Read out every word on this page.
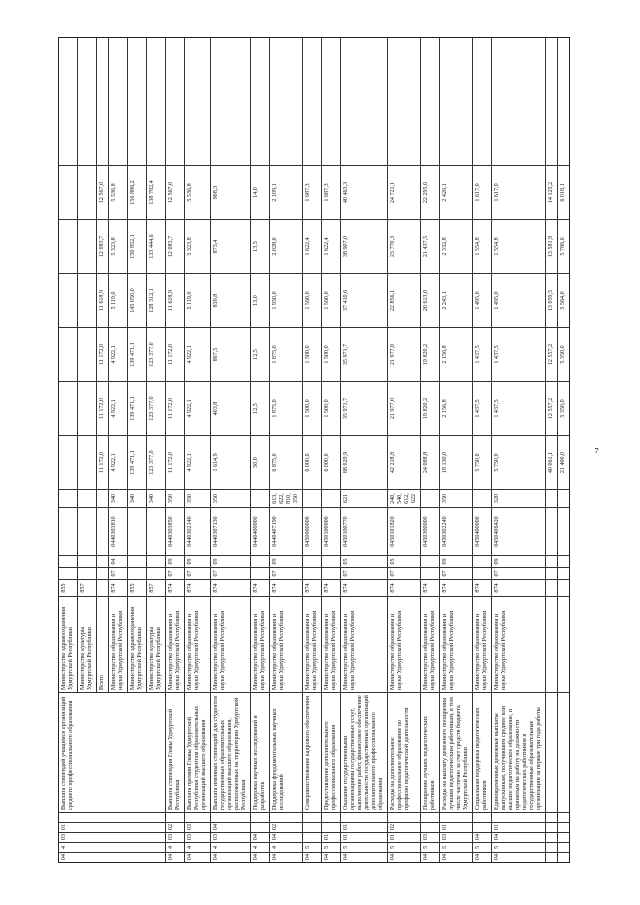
7
04
4
03
01
Выплата стипендий учащимся организаций среднего профессионального образования
Министерство здравоохранения Удмуртской Республики
855
Министерство культуры Удмуртской Республики
857
Всего
11 172,0
11 172,0
11 172,0
11 618,9
12 083,7
12 567,0
Министерство образования и науки Удмуртской Республики
874
07
04
0440303810
340
4 922,1
4 922,1
4 922,1
5 119,0
5 323,8
5 536,8
Министерство здравоохранения Удмуртской Республики
855
340
139 471,1
139 471,1
139 471,1
145 050,0
150 852,1
156 886,2
Министерство культуры Удмуртской Республики
857
340
123 377,0
123 377,0
123 377,0
128 312,1
133 444,6
138 782,4
04
4
03
02
Выплата стипендии Главы Удмуртской Республики
Министерство образования и науки Удмуртской Республики
874
07
09
0440303850
350
11 172,0
11 172,0
11 172,0
11 618,9
12 083,7
12 567,0
04
4
03
03
Выплата премии Главы Удмуртской Республики студентам образовательных организаций высшего образования
Министерство образования и науки Удмуртской Республики
874
07
09
0440302140
350
4 922,1
4 922,1
4 922,1
5 119,0
5 323,8
5 536,8
04
4
03
04
Выплата именных стипендий для студентов государственных образовательных организаций высшего образования, расположенных на территории Удмуртской Республики
Министерство образования и науки Удмуртской Республики
874
07
09
0440307130
350
1 614,9
403,8
807,5
839,8
873,4
908,3
04
4
04
Поддержка научных исследований и разработок
Министерство образования и науки Удмуртской Республики
874
0440400000
50,0
12,5
12,5
13,0
13,5
14,0
04
4
04
02
Поддержка фундаментальных научных исследований
Министерство образования и науки Удмуртской Республики
874
07
09
0440407190
613, 622, 810, 350
6 875,0
1 875,0
1 875,0
1 950,0
2 028,0
2 109,1
04
5
Совершенствование кадрового обеспечения
Министерство образования и науки Удмуртской Республики
874
0450000000
6 000,0
1 500,0
1 500,0
1 560,0
1 622,4
1 687,3
04
5
01
Предоставление дополнительного профессионального образования
Министерство образования и науки Удмуртской Республики
874
0450100000
6 000,0
1 500,0
1 500,0
1 560,0
1 622,4
1 687,3
04
5
01
01
Оказание государственными организациями государственных услуг, выполнение работ, финансовое обеспечение деятельности государственных организаций дополнительного профессионального образования
Министерство образования и науки Удмуртской Республики
874
07
05
0450100770
621
88 029,9
35 971,7
35 971,7
37 410,6
38 907,0
40 463,3
04
5
01
02
Расходы на дополнительное профессиональное образование по профилю педагогической деятельности
Министерство образования и науки Удмуртской Республики
874
07
05
0450101820
240, 540, 612, 622
42 218,8
21 977,0
21 977,0
22 856,1
23 770,3
24 721,1
04
5
03
Поощрение лучших педагогических работников
Министерство образования и науки Удмуртской Республики
874
0450300000
24 088,8
19 820,2
19 820,2
20 613,0
21 437,5
22 295,0
04
5
03
01
Расходы на выплату денежного поощрения лучшим педагогическим работникам, в том числе частично за счет средств бюджета Удмуртской Республики
Министерство образования и науки Удмуртской Республики
874
07
09
0450302240
350
18 130,0
2 156,8
2 156,8
2 243,1
2 332,8
2 426,1
04
5
04
Социальная поддержка педагогических работников
Министерство образования и науки Удмуртской Республики
874
0450400000
5 750,0
1 437,5
1 437,5
1 495,0
1 554,8
1 617,0
04
5
04
01
Единовременные денежные выплаты выпускникам, получившим среднее или высшее педагогическое образование, и принятым на работу на должности педагогических работников в государственные образовательные организации за первые три года работы
Министерство образования и науки Удмуртской Республики
874
07
09
0450406420
320
5 750,0
1 437,5
1 437,5
1 495,0
1 554,8
1 617,0
40 061,1
12 557,2
12 557,2
13 059,5
13 581,9
14 125,2
21 400,0
5 350,0
5 350,0
5 564,0
5 786,6
6 018,1
